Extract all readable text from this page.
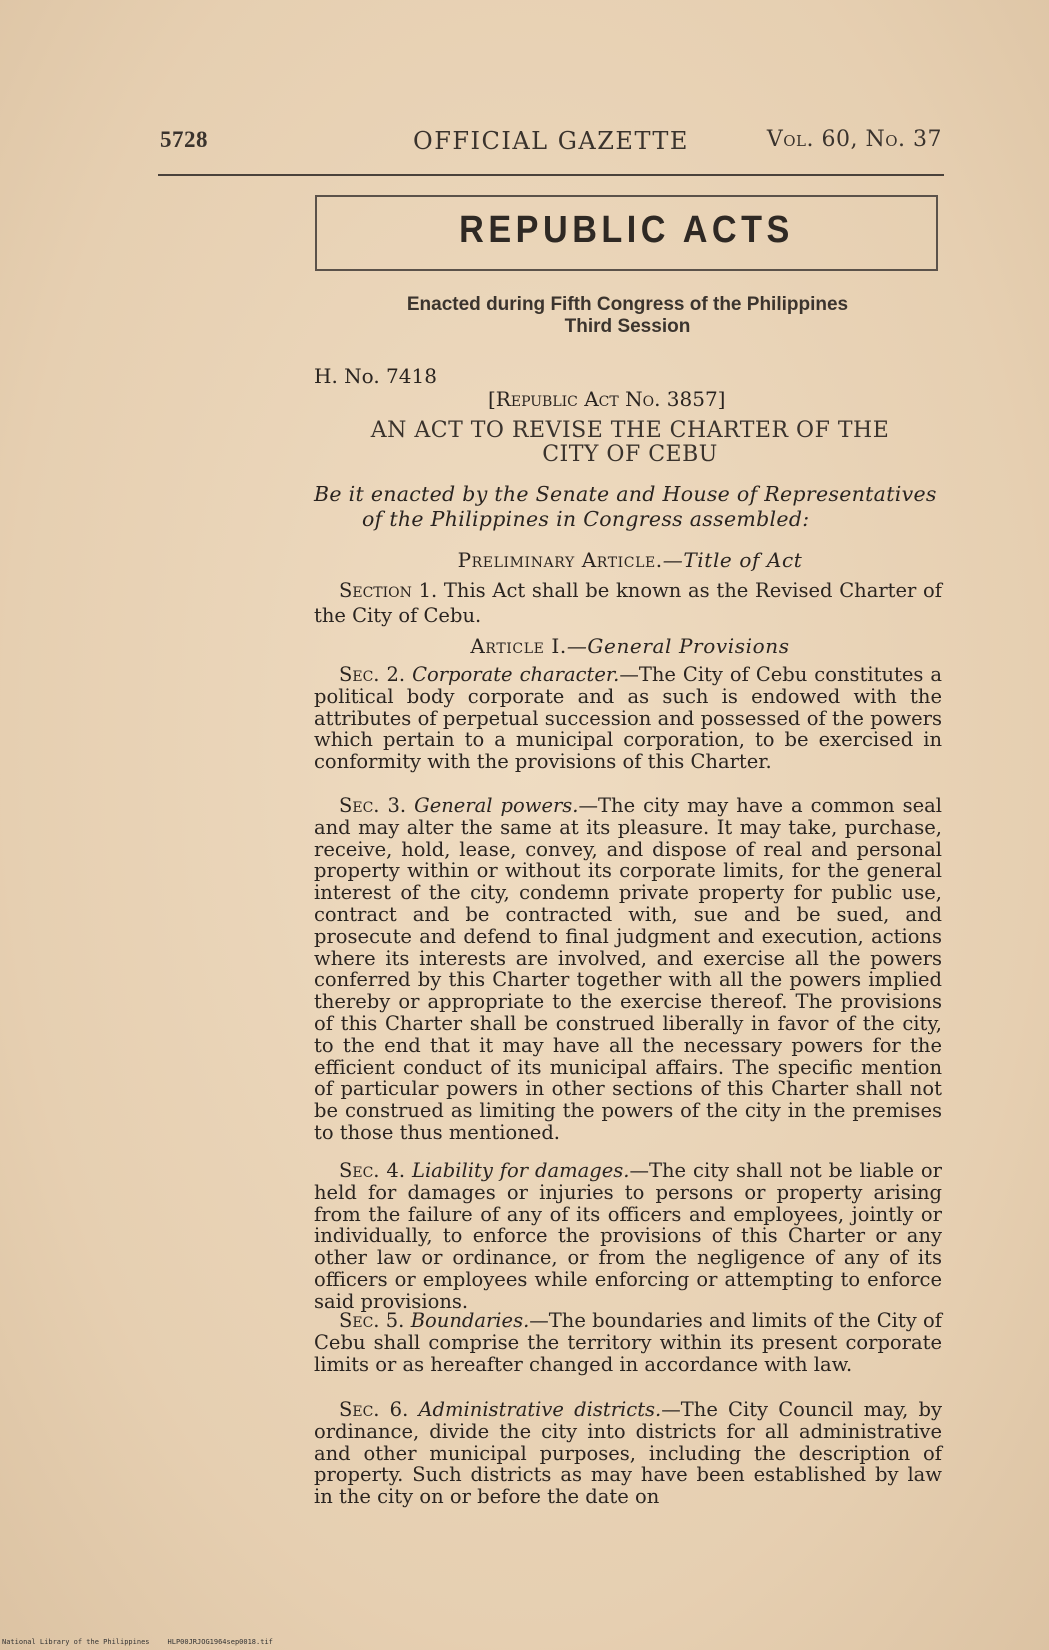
5728	OFFICIAL GAZETTE	Vol. 60, No. 37
REPUBLIC ACTS
Enacted during Fifth Congress of the Philippines
Third Session
H. No. 7418
[Republic Act No. 3857]
AN ACT TO REVISE THE CHARTER OF THE
CITY OF CEBU
Be it enacted by the Senate and House of Representatives
of the Philippines in Congress assembled:
Preliminary Article.—Title of Act
Section 1. This Act shall be known as the Revised Charter of the City of Cebu.
Article I.—General Provisions
Sec. 2. Corporate character.—The City of Cebu constitutes a political body corporate and as such is endowed with the attributes of perpetual succession and possessed of the powers which pertain to a municipal corporation, to be exercised in conformity with the provisions of this Charter.
Sec. 3. General powers.—The city may have a common seal and may alter the same at its pleasure. It may take, purchase, receive, hold, lease, convey, and dispose of real and personal property within or without its corporate limits, for the general interest of the city, condemn private property for public use, contract and be contracted with, sue and be sued, and prosecute and defend to final judgment and execution, actions where its interests are involved, and exercise all the powers conferred by this Charter together with all the powers implied thereby or appropriate to the exercise thereof. The provisions of this Charter shall be construed liberally in favor of the city, to the end that it may have all the necessary powers for the efficient conduct of its municipal affairs. The specific mention of particular powers in other sections of this Charter shall not be construed as limiting the powers of the city in the premises to those thus mentioned.
Sec. 4. Liability for damages.—The city shall not be liable or held for damages or injuries to persons or property arising from the failure of any of its officers and employees, jointly or individually, to enforce the provisions of this Charter or any other law or ordinance, or from the negligence of any of its officers or employees while enforcing or attempting to enforce said provisions.
Sec. 5. Boundaries.—The boundaries and limits of the City of Cebu shall comprise the territory within its present corporate limits or as hereafter changed in accordance with law.
Sec. 6. Administrative districts.—The City Council may, by ordinance, divide the city into districts for all administrative and other municipal purposes, including the description of property. Such districts as may have been established by law in the city on or before the date on
National Library of the Philippines	HLP00JRJOG1964sep0018.tif
